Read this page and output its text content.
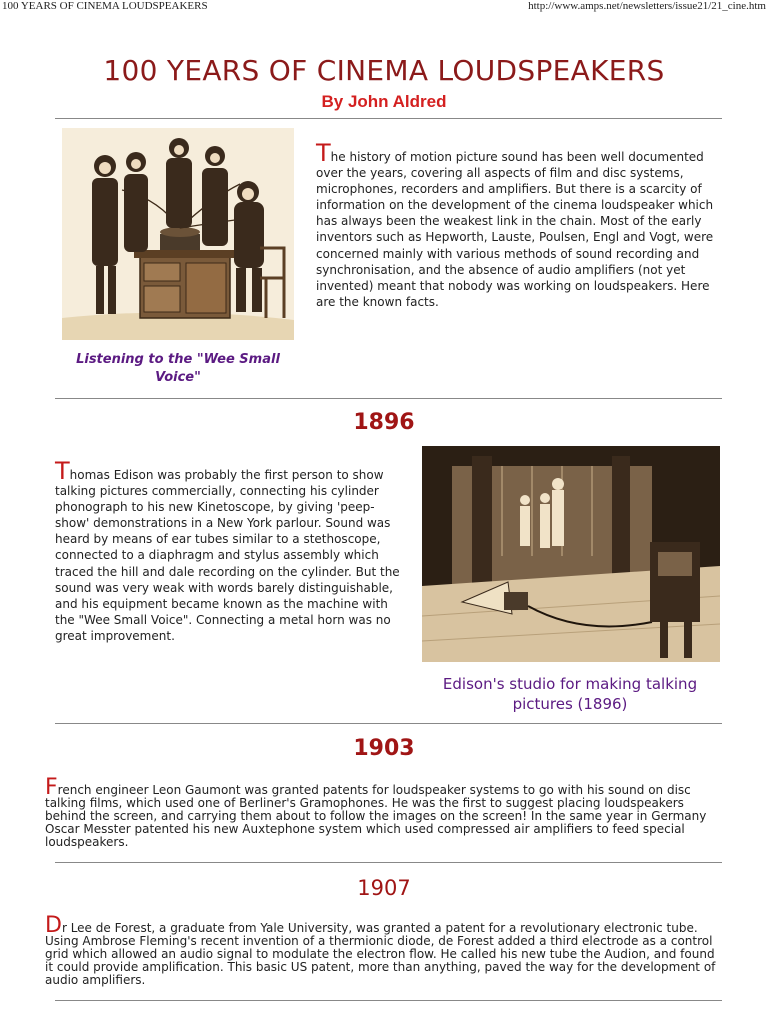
100 YEARS OF CINEMA LOUDSPEAKERS	http://www.amps.net/newsletters/issue21/21_cine.htm
100 YEARS OF CINEMA LOUDSPEAKERS
By John Aldred
The history of motion picture sound has been well documented over the years, covering all aspects of film and disc systems, microphones, recorders and amplifiers. But there is a scarcity of information on the development of the cinema loudspeaker which has always been the weakest link in the chain. Most of the early inventors such as Hepworth, Lauste, Poulsen, Engl and Vogt, were concerned mainly with various methods of sound recording and synchronisation, and the absence of audio amplifiers (not yet invented) meant that nobody was working on loudspeakers. Here are the known facts.
Listening to the "Wee Small Voice"
1896
Thomas Edison was probably the first person to show talking pictures commercially, connecting his cylinder phonograph to his new Kinetoscope, by giving 'peep-show' demonstrations in a New York parlour. Sound was heard by means of ear tubes similar to a stethoscope, connected to a diaphragm and stylus assembly which traced the hill and dale recording on the cylinder. But the sound was very weak with words barely distinguishable, and his equipment became known as the machine with the "Wee Small Voice". Connecting a metal horn was no great improvement.
Edison's studio for making talking pictures (1896)
1903
French engineer Leon Gaumont was granted patents for loudspeaker systems to go with his sound on disc talking films, which used one of Berliner's Gramophones. He was the first to suggest placing loudspeakers behind the screen, and carrying them about to follow the images on the screen! In the same year in Germany Oscar Messter patented his new Auxtephone system which used compressed air amplifiers to feed special loudspeakers.
1907
Dr Lee de Forest, a graduate from Yale University, was granted a patent for a revolutionary electronic tube. Using Ambrose Fleming's recent invention of a thermionic diode, de Forest added a third electrode as a control grid which allowed an audio signal to modulate the electron flow. He called his new tube the Audion, and found it could provide amplification. This basic US patent, more than anything, paved the way for the development of audio amplifiers.
